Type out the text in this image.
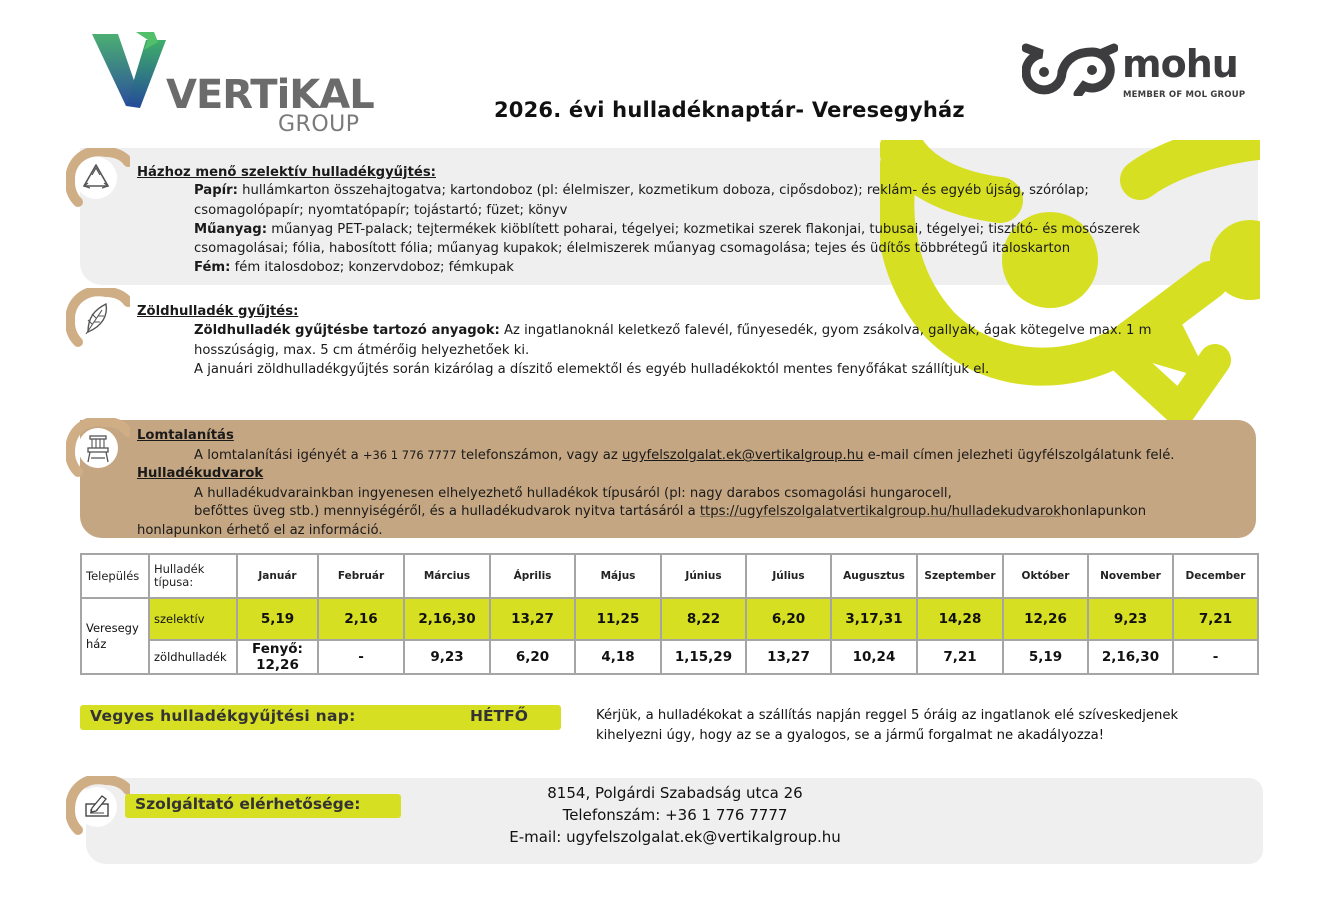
VERTiKAL
GROUP
mohu
MEMBER OF MOL GROUP
2026. évi hulladéknaptár- Veresegyház
Házhoz menő szelektív hulladékgyűjtés:
Papír: hullámkarton összehajtogatva; kartondoboz (pl: élelmiszer, kozmetikum doboza, cipősdoboz); reklám- és egyéb újság, szórólap;
csomagolópapír; nyomtatópapír; tojástartó; füzet; könyv
Műanyag: műanyag PET-palack; tejtermékek kiöblített poharai, tégelyei; kozmetikai szerek flakonjai, tubusai, tégelyei; tisztító- és mosószerek
csomagolásai; fólia, habosított fólia; műanyag kupakok; élelmiszerek műanyag csomagolása; tejes és üdítős többrétegű italoskarton
Fém: fém italosdoboz; konzervdoboz; fémkupak
Zöldhulladék gyűjtés:
Zöldhulladék gyűjtésbe tartozó anyagok: Az ingatlanoknál keletkező falevél, fűnyesedék, gyom zsákolva, gallyak, ágak kötegelve max. 1 m
hosszúságig, max. 5 cm átmérőig helyezhetőek ki.
A januári zöldhulladékgyűjtés során kizárólag a díszitő elemektől és egyéb hulladékoktól mentes fenyőfákat szállítjuk el.
Lomtalanítás
A lomtalanítási igényét a +36 1 776 7777 telefonszámon, vagy az ugyfelszolgalat.ek@vertikalgroup.hu e-mail címen jelezheti ügyfélszolgálatunk felé.
Hulladékudvarok
A hulladékudvarainkban ingyenesen elhelyezhető hulladékok típusáról (pl: nagy darabos csomagolási hungarocell,
befőttes üveg stb.) mennyiségéről, és a hulladékudvarok nyitva tartásáról a ttps://ugyfelszolgalatvertikalgroup.hu/hulladekudvarokhonlapunkon
honlapunkon érhető el az információ.
Település	Hulladék típusa:	Január	Február	Március	Április	Május	Június	Július	Augusztus	Szeptember	Október	November	December
Veresegy ház	szelektív	5,19	2,16	2,16,30	13,27	11,25	8,22	6,20	3,17,31	14,28	12,26	9,23	7,21
	zöldhulladék	Fenyő: 12,26	-	9,23	6,20	4,18	1,15,29	13,27	10,24	7,21	5,19	2,16,30	-
Vegyes hulladékgyűjtési nap:	HÉTFŐ	Kérjük, a hulladékokat a szállítás napján reggel 5 óráig az ingatlanok elé szíveskedjenek
kihelyezni úgy, hogy az se a gyalogos, se a jármű forgalmat ne akadályozza!
Szolgáltató elérhetősége:
8154, Polgárdi Szabadság utca 26
Telefonszám: +36 1 776 7777
E-mail: ugyfelszolgalat.ek@vertikalgroup.hu
